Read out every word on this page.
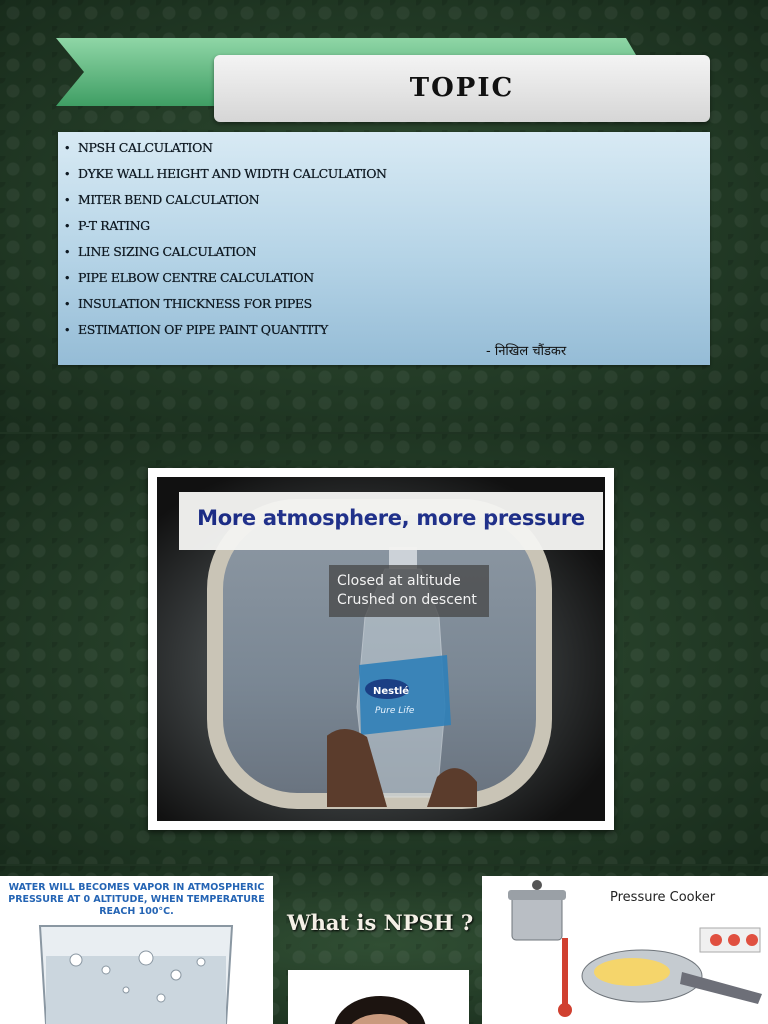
TOPIC
• NPSH CALCULATION
• DYKE WALL HEIGHT AND WIDTH CALCULATION
• MITER BEND CALCULATION
• P-T RATING
• LINE SIZING CALCULATION
• PIPE ELBOW CENTRE CALCULATION
• INSULATION THICKNESS FOR PIPES
• ESTIMATION OF PIPE PAINT QUANTITY
- निखिल चौंडकर
Nestlé
Pure Life
More atmosphere, more pressure
Closed at altitude
Crushed on descent
WATER WILL BECOMES VAPOR IN ATMOSPHERIC PRESSURE AT 0 ALTITUDE, WHEN TEMPERATURE REACH 100°C.	What is NPSH ?
Pressure Cooker
